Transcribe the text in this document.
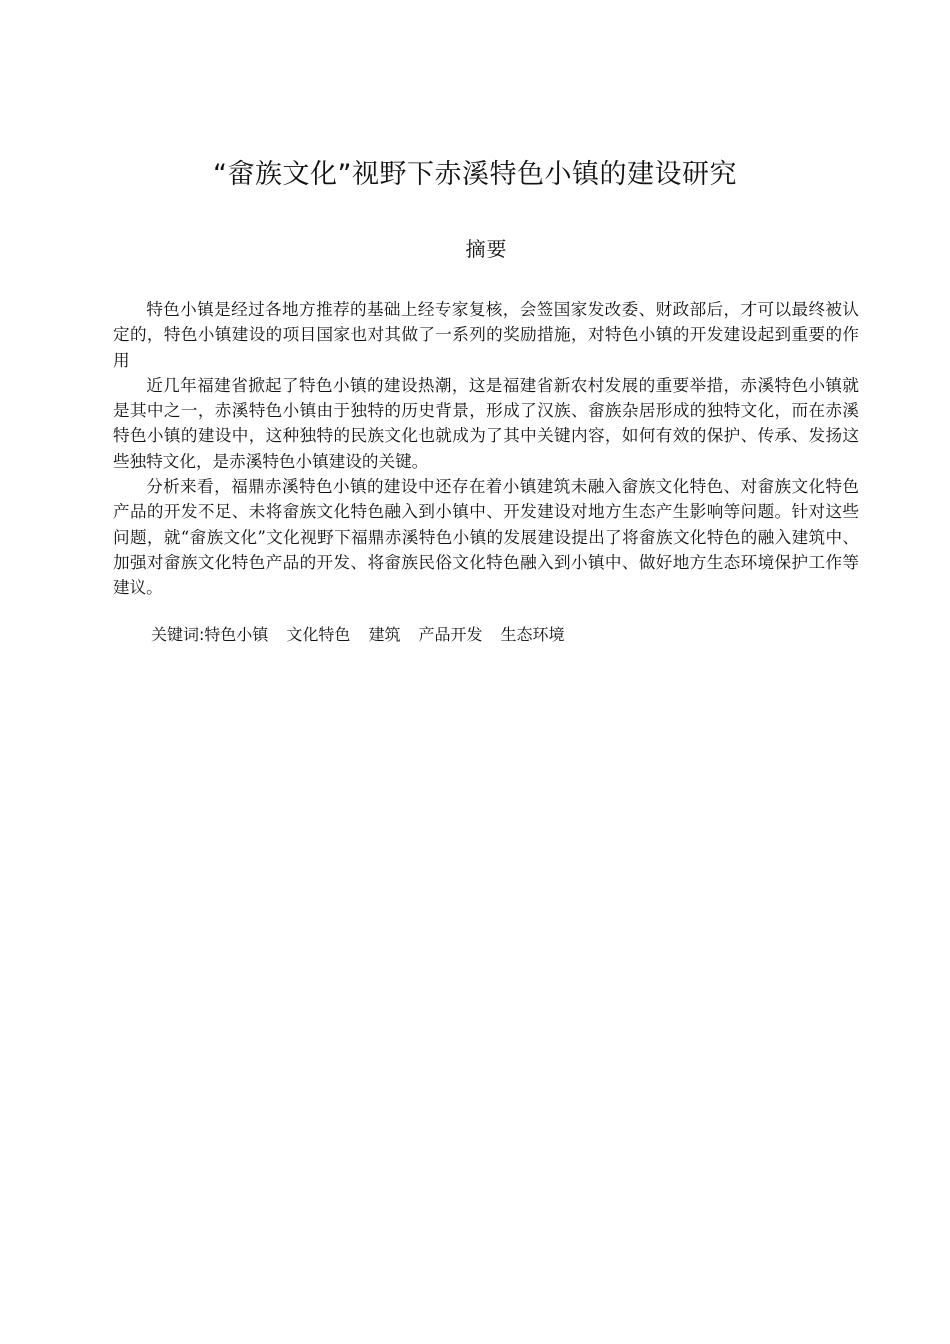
“畲族文化”视野下赤溪特色小镇的建设研究
摘要

特色小镇是经过各地方推荐的基础上经专家复核，会签国家发改委、财政部后，才可以最终被认定的，特色小镇建设的项目国家也对其做了一系列的奖励措施，对特色小镇的开发建设起到重要的作用

近几年福建省掀起了特色小镇的建设热潮，这是福建省新农村发展的重要举措，赤溪特色小镇就是其中之一，赤溪特色小镇由于独特的历史背景，形成了汉族、畲族杂居形成的独特文化，而在赤溪特色小镇的建设中，这种独特的民族文化也就成为了其中关键内容，如何有效的保护、传承、发扬这些独特文化，是赤溪特色小镇建设的关键。

分析来看，福鼎赤溪特色小镇的建设中还存在着小镇建筑未融入畲族文化特色、对畲族文化特色产品的开发不足、未将畲族文化特色融入到小镇中、开发建设对地方生态产生影响等问题。针对这些问题，就“畲族文化”文化视野下福鼎赤溪特色小镇的发展建设提出了将畲族文化特色的融入建筑中、加强对畲族文化特色产品的开发、将畲族民俗文化特色融入到小镇中、做好地方生态环境保护工作等建议。

关键词:特色小镇 文化特色 建筑 产品开发 生态环境
